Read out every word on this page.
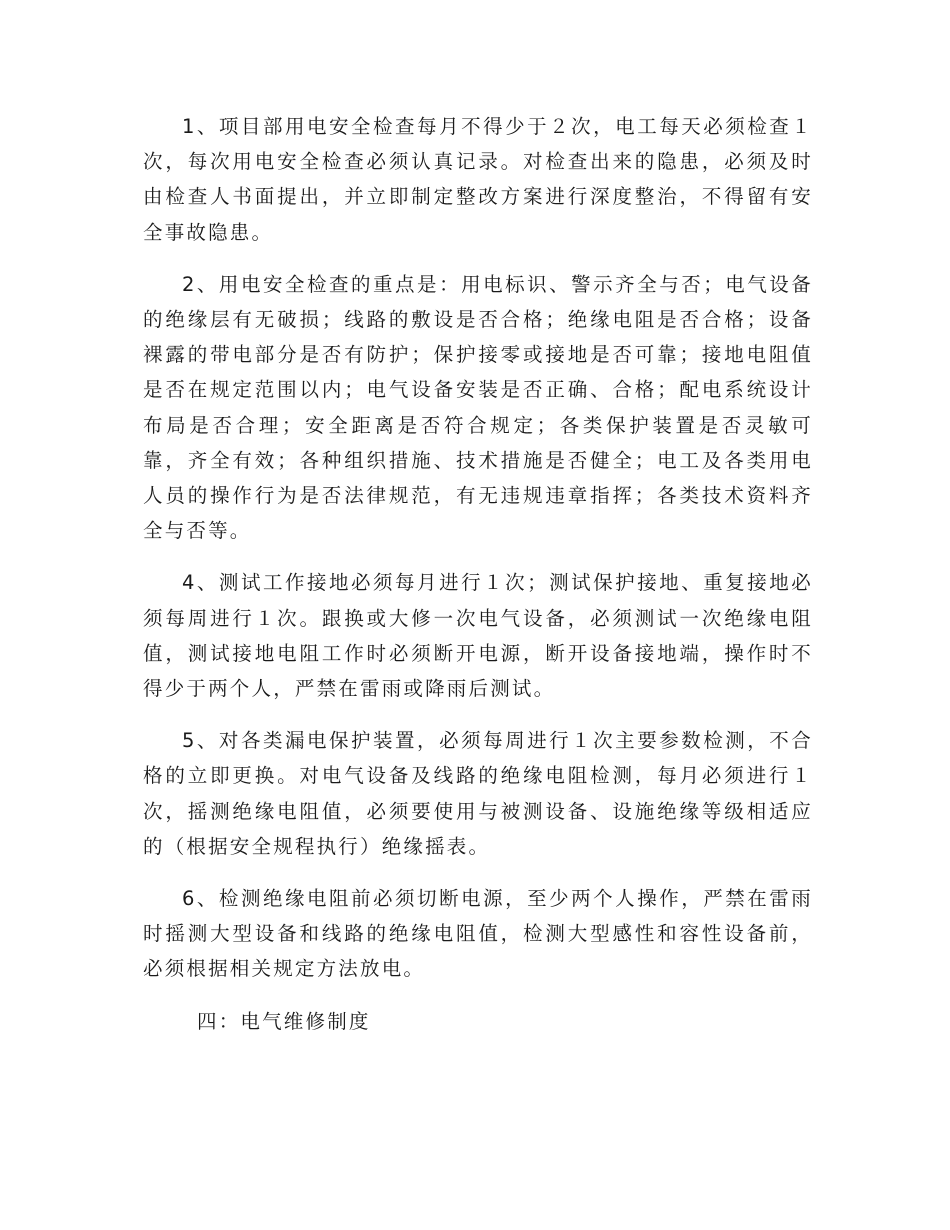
1、项目部用电安全检查每月不得少于２次，电工每天必须检查１次，每次用电安全检查必须认真记录。对检查出来的隐患，必须及时由检查人书面提出，并立即制定整改方案进行深度整治，不得留有安全事故隐患。

2、用电安全检查的重点是：用电标识、警示齐全与否；电气设备的绝缘层有无破损；线路的敷设是否合格；绝缘电阻是否合格；设备裸露的带电部分是否有防护；保护接零或接地是否可靠；接地电阻值是否在规定范围以内；电气设备安装是否正确、合格；配电系统设计布局是否合理；安全距离是否符合规定；各类保护装置是否灵敏可靠，齐全有效；各种组织措施、技术措施是否健全；电工及各类用电人员的操作行为是否法律规范，有无违规违章指挥；各类技术资料齐全与否等。

4、测试工作接地必须每月进行１次；测试保护接地、重复接地必须每周进行１次。跟换或大修一次电气设备，必须测试一次绝缘电阻值，测试接地电阻工作时必须断开电源，断开设备接地端，操作时不得少于两个人，严禁在雷雨或降雨后测试。

5、对各类漏电保护装置，必须每周进行１次主要参数检测，不合格的立即更换。对电气设备及线路的绝缘电阻检测，每月必须进行１次，摇测绝缘电阻值，必须要使用与被测设备、设施绝缘等级相适应的（根据安全规程执行）绝缘摇表。

6、检测绝缘电阻前必须切断电源，至少两个人操作，严禁在雷雨时摇测大型设备和线路的绝缘电阻值，检测大型感性和容性设备前，必须根据相关规定方法放电。

四：电气维修制度
